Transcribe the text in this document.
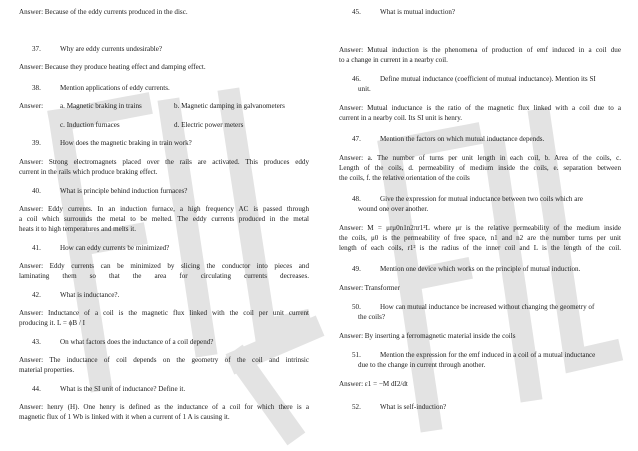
Answer: Because of the eddy currents produced in the disc.
37.	Why are eddy currents undesirable?
Answer: Because they produce heating effect and damping effect.
38.	Mention applications of eddy currents.
Answer: a. Magnetic braking in trains	b. Magnetic damping in galvanometers
c. Induction furnaces	d. Electric power meters
39.	How does the magnetic braking in train work?
Answer: Strong electromagnets placed over the rails are activated. This produces eddy
current in the rails which produce braking effect.
40.	What is principle behind induction furnaces?
Answer: Eddy currents. In an induction furnace, a high frequency AC is passed through
a coil which surrounds the metal to be melted. The eddy currents produced in the metal
heats it to high temperatures and melts it.
41.	How can eddy currents be minimized?
Answer: Eddy currents can be minimized by slicing the conductor into pieces and
laminating them so that the area for circulating currents decreases.
42.	What is inductance?.
Answer: Inductance of a coil is the magnetic flux linked with the coil per unit current
producing it. L = ϕB / I
43.	On what factors does the inductance of a coil depend?
Answer: The inductance of coil depends on the geometry of the coil and intrinsic
material properties.
44.	What is the SI unit of inductance? Define it.
Answer: henry (H). One henry is defined as the inductance of a coil for which there is a
magnetic flux of 1 Wb is linked with it when a current of 1 A is causing it.
45.	What is mutual induction?
Answer: Mutual induction is the phenomena of production of emf induced in a coil due
to a change in current in a nearby coil.
46.	Define mutual inductance (coefficient of mutual inductance). Mention its SI
unit.
Answer: Mutual inductance is the ratio of the magnetic flux linked with a coil due to a
current in a nearby coil. Its SI unit is henry.
47.	Mention the factors on which mutual inductance depends.
Answer: a. The number of turns per unit length in each coil, b. Area of the coils, c.
Length of the coils, d. permeability of medium inside the coils, e. separation between
the coils, f. the relative orientation of the coils
48.	Give the expression for mutual inductance between two coils which are
wound one over another.
Answer: M = μrμ0n1n2πr1²L where μr is the relative permeability of the medium inside
the coils, μ0 is the permeability of free space, n1 and n2 are the number turns per unit
length of each coils, r1² is the radius of the inner coil and L is the length of the coil.
49.	Mention one device which works on the principle of mutual induction.
Answer: Transformer
50.	How can mutual inductance be increased without changing the geometry of
the coils?
Answer: By inserting a ferromagnetic material inside the coils
51.	Mention the expression for the emf induced in a coil of a mutual inductance
due to the change in current through another.
Answer: ε1 = −M dI2/dt
52.	What is self-induction?
